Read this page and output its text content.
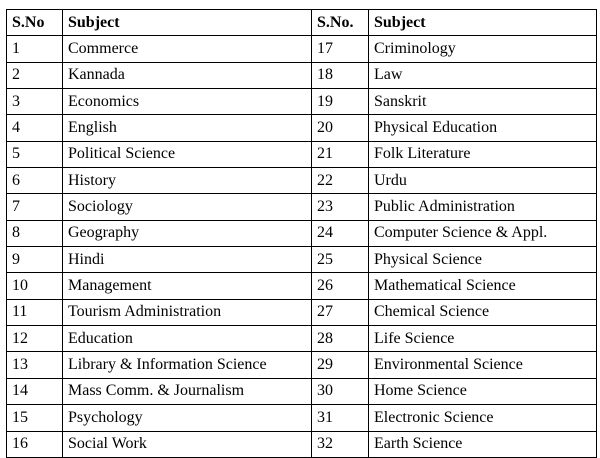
S.No	Subject	S.No.	Subject
1	Commerce	17	Criminology
2	Kannada	18	Law
3	Economics	19	Sanskrit
4	English	20	Physical Education
5	Political Science	21	Folk Literature
6	History	22	Urdu
7	Sociology	23	Public Administration
8	Geography	24	Computer Science & Appl.
9	Hindi	25	Physical Science
10	Management	26	Mathematical Science
11	Tourism Administration	27	Chemical Science
12	Education	28	Life Science
13	Library & Information Science	29	Environmental Science
14	Mass Comm. & Journalism	30	Home Science
15	Psychology	31	Electronic Science
16	Social Work	32	Earth Science
